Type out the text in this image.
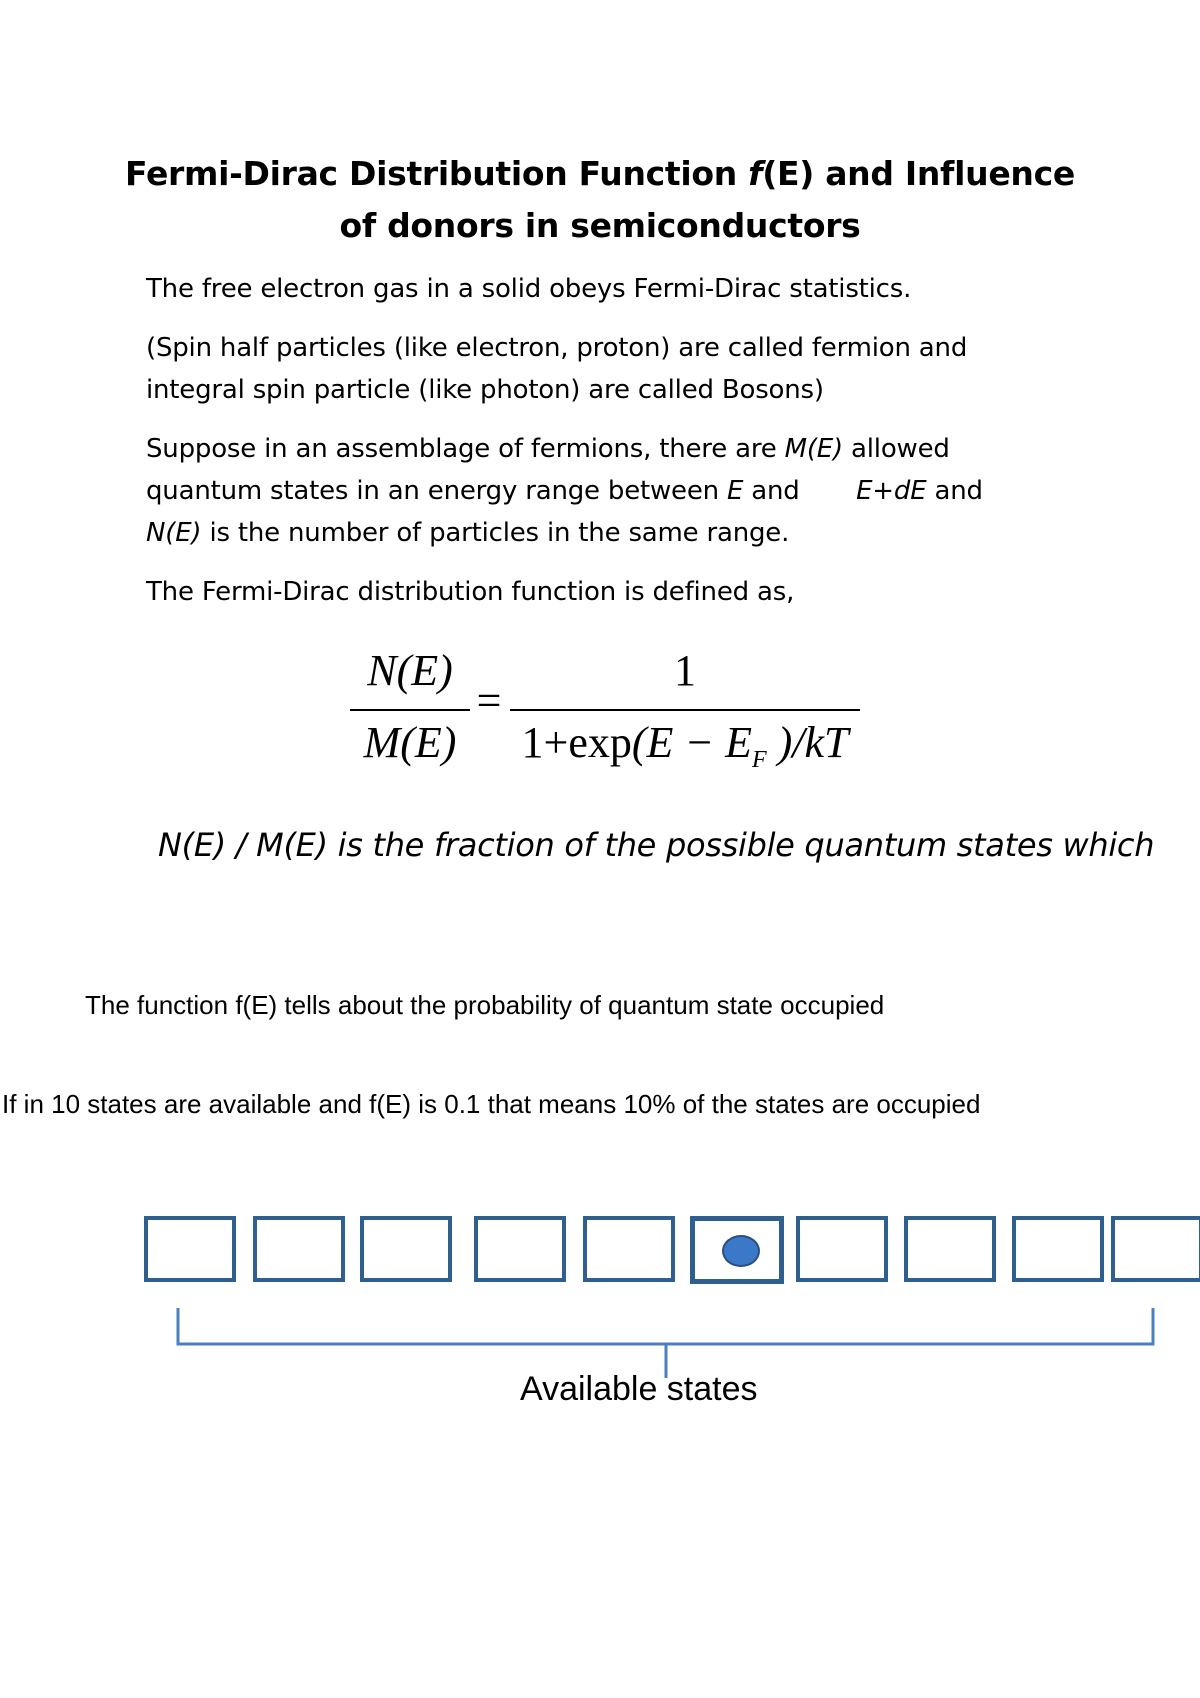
Fermi-Dirac Distribution Function f(E) and Influence
of donors in semiconductors
The free electron gas in a solid obeys Fermi-Dirac statistics.
(Spin half particles (like electron, proton) are called fermion and
integral spin particle (like photon) are called Bosons)
Suppose in an assemblage of fermions, there are M(E) allowed
quantum states in an energy range between E and       E+dE and
N(E) is the number of particles in the same range.
The Fermi-Dirac distribution function is defined as,
N(E)
M(E)
=
1
$1+\exp(E - E_F$ )/kT
N(E) / M(E) is the fraction of the possible quantum states which
The function f(E) tells about the probability of quantum state occupied
If in 10 states are available and f(E) is 0.1 that means 10% of the states are occupied
Available states
